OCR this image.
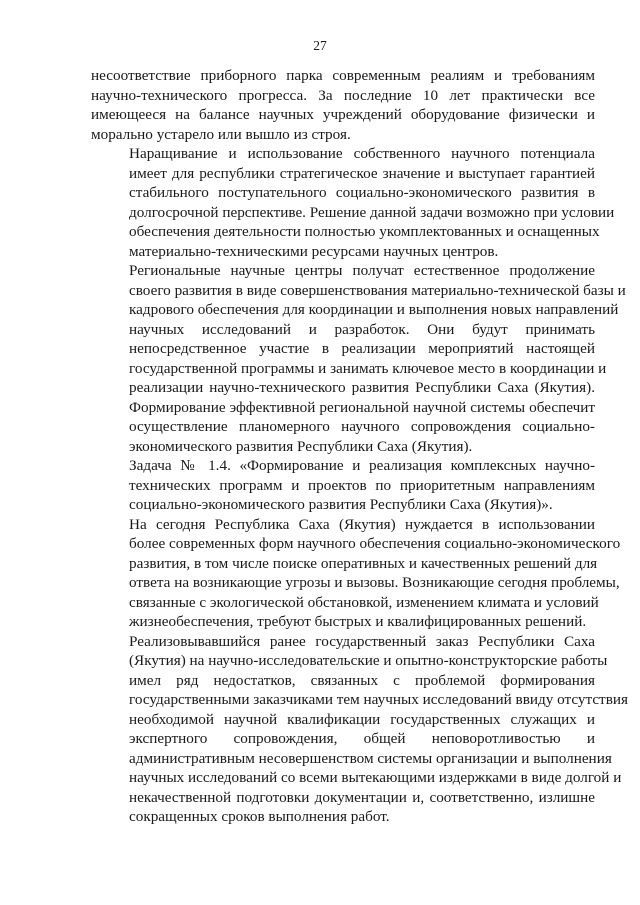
27

несоответствие приборного парка современным реалиям и требованиям
научно-технического прогресса. За последние 10 лет практически все
имеющееся на балансе научных учреждений оборудование физически и
морально устарело или вышло из строя.

Наращивание и использование собственного научного потенциала
имеет для республики стратегическое значение и выступает гарантией
стабильного поступательного социально-экономического развития в
долгосрочной перспективе. Решение данной задачи возможно при условии
обеспечения деятельности полностью укомплектованных и оснащенных
материально-техническими ресурсами научных центров.

Региональные научные центры получат естественное продолжение
своего развития в виде совершенствования материально-технической базы и
кадрового обеспечения для координации и выполнения новых направлений
научных исследований и разработок. Они будут принимать
непосредственное участие в реализации мероприятий настоящей
государственной программы и занимать ключевое место в координации и
реализации научно-технического развития Республики Саха (Якутия).
Формирование эффективной региональной научной системы обеспечит
осуществление планомерного научного сопровождения социально-
экономического развития Республики Саха (Якутия).

Задача № 1.4. «Формирование и реализация комплексных научно-
технических программ и проектов по приоритетным направлениям
социально-экономического развития Республики Саха (Якутия)».

На сегодня Республика Саха (Якутия) нуждается в использовании
более современных форм научного обеспечения социально-экономического
развития, в том числе поиске оперативных и качественных решений для
ответа на возникающие угрозы и вызовы. Возникающие сегодня проблемы,
связанные с экологической обстановкой, изменением климата и условий
жизнеобеспечения, требуют быстрых и квалифицированных решений.

Реализовывавшийся ранее государственный заказ Республики Саха
(Якутия) на научно-исследовательские и опытно-конструкторские работы
имел ряд недостатков, связанных с проблемой формирования
государственными заказчиками тем научных исследований ввиду отсутствия
необходимой научной квалификации государственных служащих и
экспертного сопровождения, общей неповоротливостью и
административным несовершенством системы организации и выполнения
научных исследований со всеми вытекающими издержками в виде долгой и
некачественной подготовки документации и, соответственно, излишне
сокращенных сроков выполнения работ.
